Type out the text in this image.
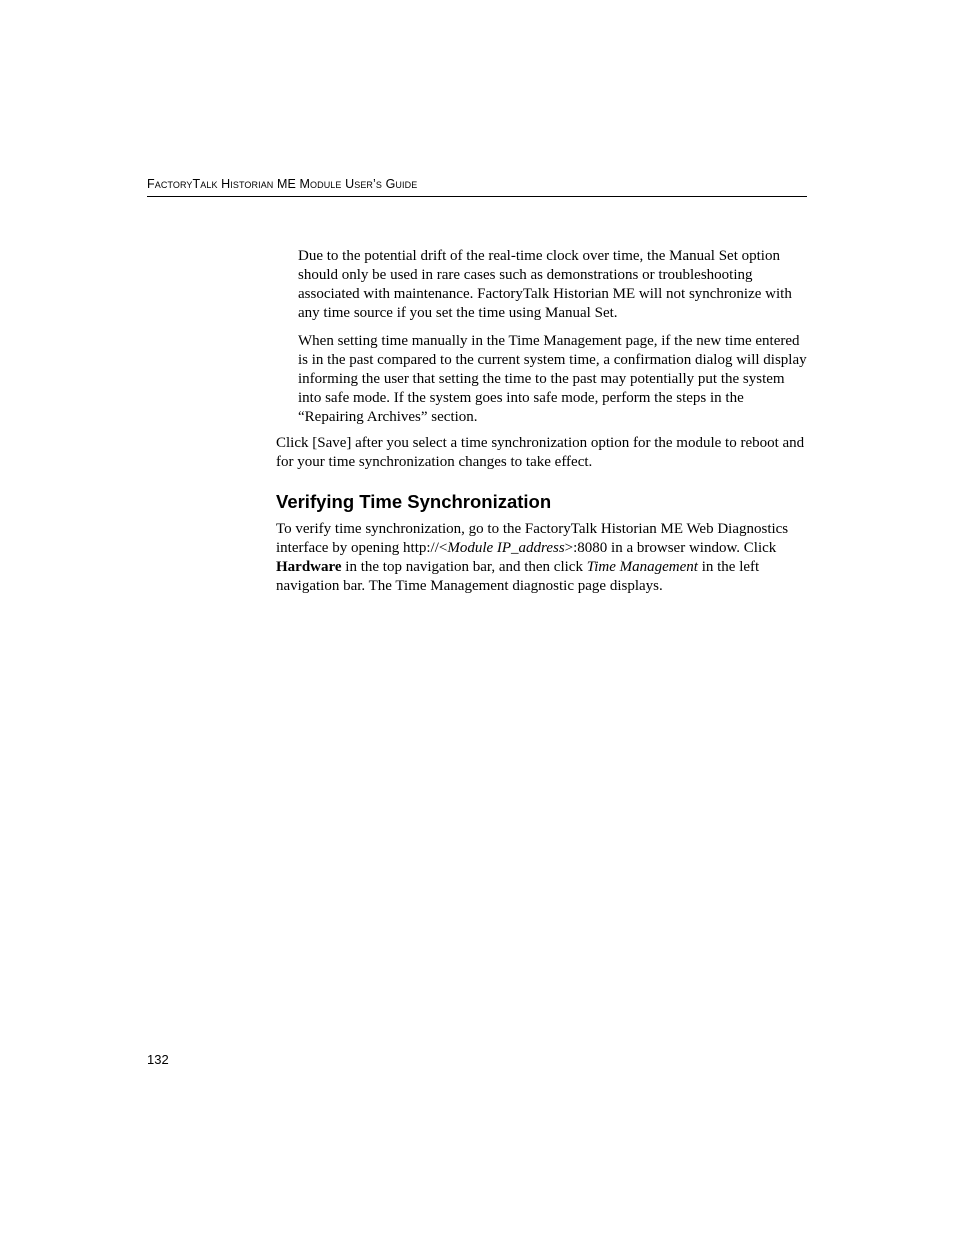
FactoryTalk Historian ME Module User’s Guide

Due to the potential drift of the real-time clock over time, the Manual Set option should only be used in rare cases such as demonstrations or troubleshooting associated with maintenance. FactoryTalk Historian ME will not synchronize with any time source if you set the time using Manual Set.

When setting time manually in the Time Management page, if the new time entered is in the past compared to the current system time, a confirmation dialog will display informing the user that setting the time to the past may potentially put the system into safe mode. If the system goes into safe mode, perform the steps in the “Repairing Archives” section.

Click [Save] after you select a time synchronization option for the module to reboot and for your time synchronization changes to take effect.

Verifying Time Synchronization

To verify time synchronization, go to the FactoryTalk Historian ME Web Diagnostics interface by opening http://<Module IP_address>:8080 in a browser window. Click Hardware in the top navigation bar, and then click Time Management in the left navigation bar. The Time Management diagnostic page displays.

132
